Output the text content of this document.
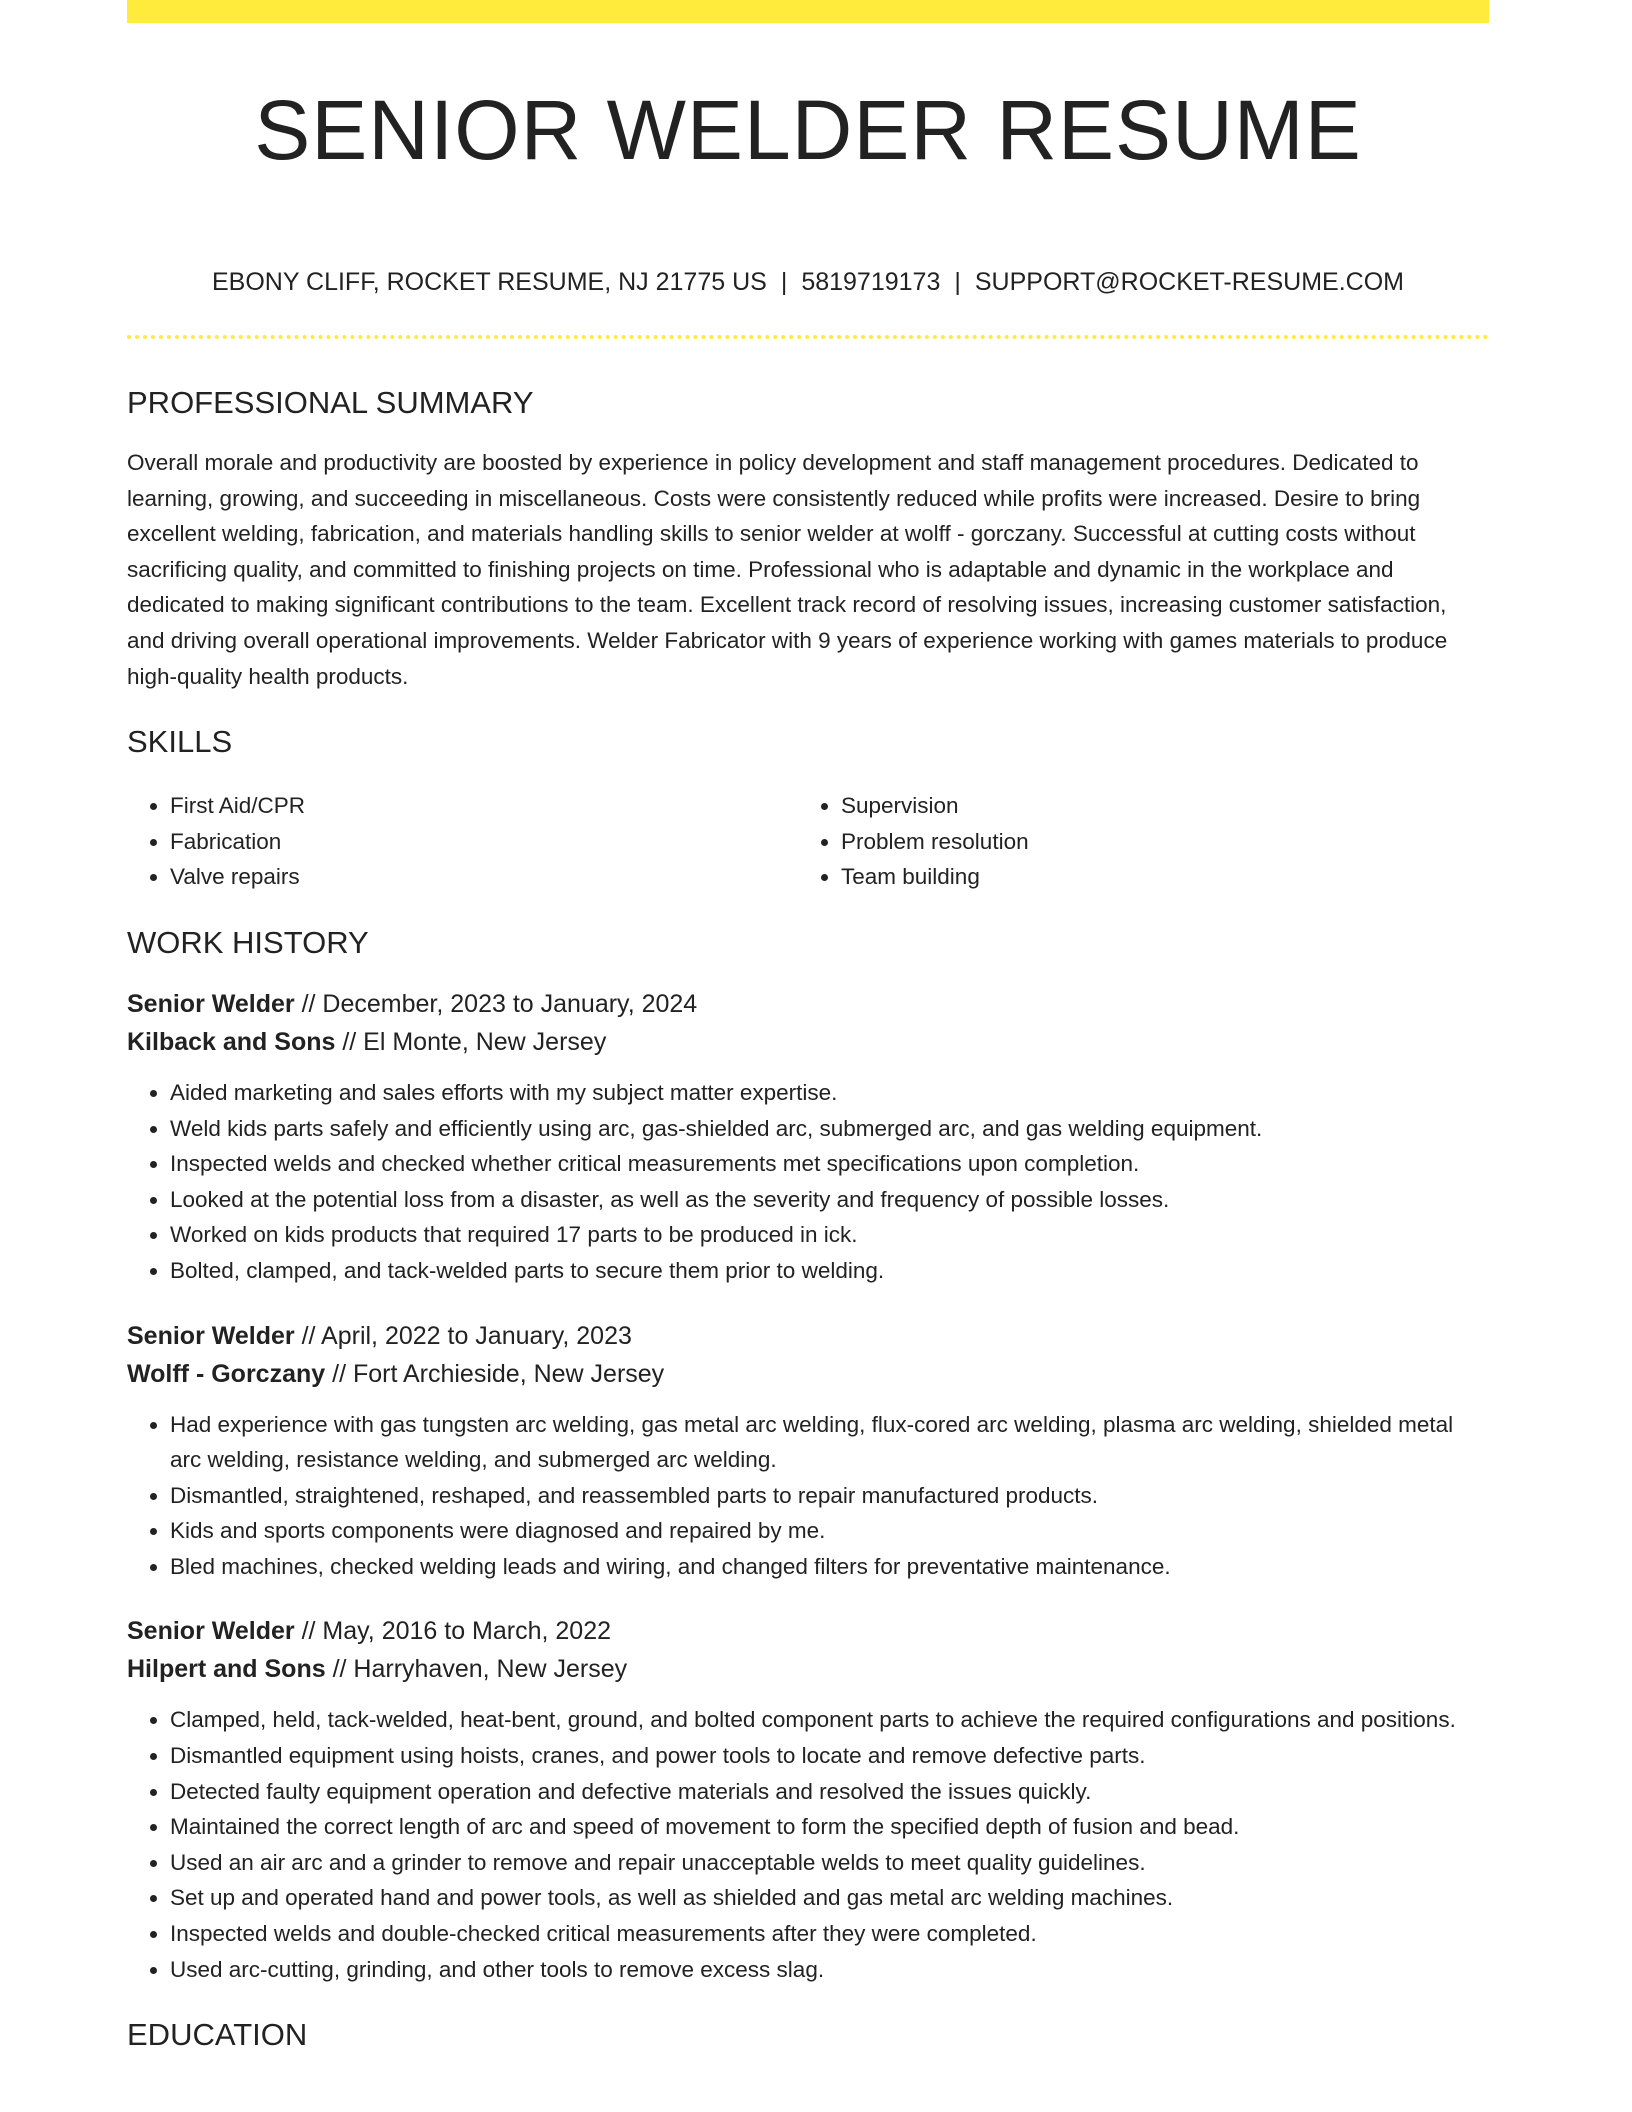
SENIOR WELDER RESUME
EBONY CLIFF, ROCKET RESUME, NJ 21775 US | 5819719173 | SUPPORT@ROCKET-RESUME.COM
PROFESSIONAL SUMMARY

Overall morale and productivity are boosted by experience in policy development and staff management procedures. Dedicated to learning, growing, and succeeding in miscellaneous. Costs were consistently reduced while profits were increased. Desire to bring excellent welding, fabrication, and materials handling skills to senior welder at wolff - gorczany. Successful at cutting costs without sacrificing quality, and committed to finishing projects on time. Professional who is adaptable and dynamic in the workplace and dedicated to making significant contributions to the team. Excellent track record of resolving issues, increasing customer satisfaction, and driving overall operational improvements. Welder Fabricator with 9 years of experience working with games materials to produce high-quality health products.

SKILLS
• First Aid/CPR
• Fabrication
• Valve repairs
• Supervision
• Problem resolution
• Team building
WORK HISTORY
Senior Welder // December, 2023 to January, 2024
Kilback and Sons // El Monte, New Jersey
• Aided marketing and sales efforts with my subject matter expertise.
• Weld kids parts safely and efficiently using arc, gas-shielded arc, submerged arc, and gas welding equipment.
• Inspected welds and checked whether critical measurements met specifications upon completion.
• Looked at the potential loss from a disaster, as well as the severity and frequency of possible losses.
• Worked on kids products that required 17 parts to be produced in ick.
• Bolted, clamped, and tack-welded parts to secure them prior to welding.
Senior Welder // April, 2022 to January, 2023
Wolff - Gorczany // Fort Archieside, New Jersey
• Had experience with gas tungsten arc welding, gas metal arc welding, flux-cored arc welding, plasma arc welding, shielded metal arc welding, resistance welding, and submerged arc welding.
• Dismantled, straightened, reshaped, and reassembled parts to repair manufactured products.
• Kids and sports components were diagnosed and repaired by me.
• Bled machines, checked welding leads and wiring, and changed filters for preventative maintenance.
Senior Welder // May, 2016 to March, 2022
Hilpert and Sons // Harryhaven, New Jersey
• Clamped, held, tack-welded, heat-bent, ground, and bolted component parts to achieve the required configurations and positions.
• Dismantled equipment using hoists, cranes, and power tools to locate and remove defective parts.
• Detected faulty equipment operation and defective materials and resolved the issues quickly.
• Maintained the correct length of arc and speed of movement to form the specified depth of fusion and bead.
• Used an air arc and a grinder to remove and repair unacceptable welds to meet quality guidelines.
• Set up and operated hand and power tools, as well as shielded and gas metal arc welding machines.
• Inspected welds and double-checked critical measurements after they were completed.
• Used arc-cutting, grinding, and other tools to remove excess slag.
EDUCATION
